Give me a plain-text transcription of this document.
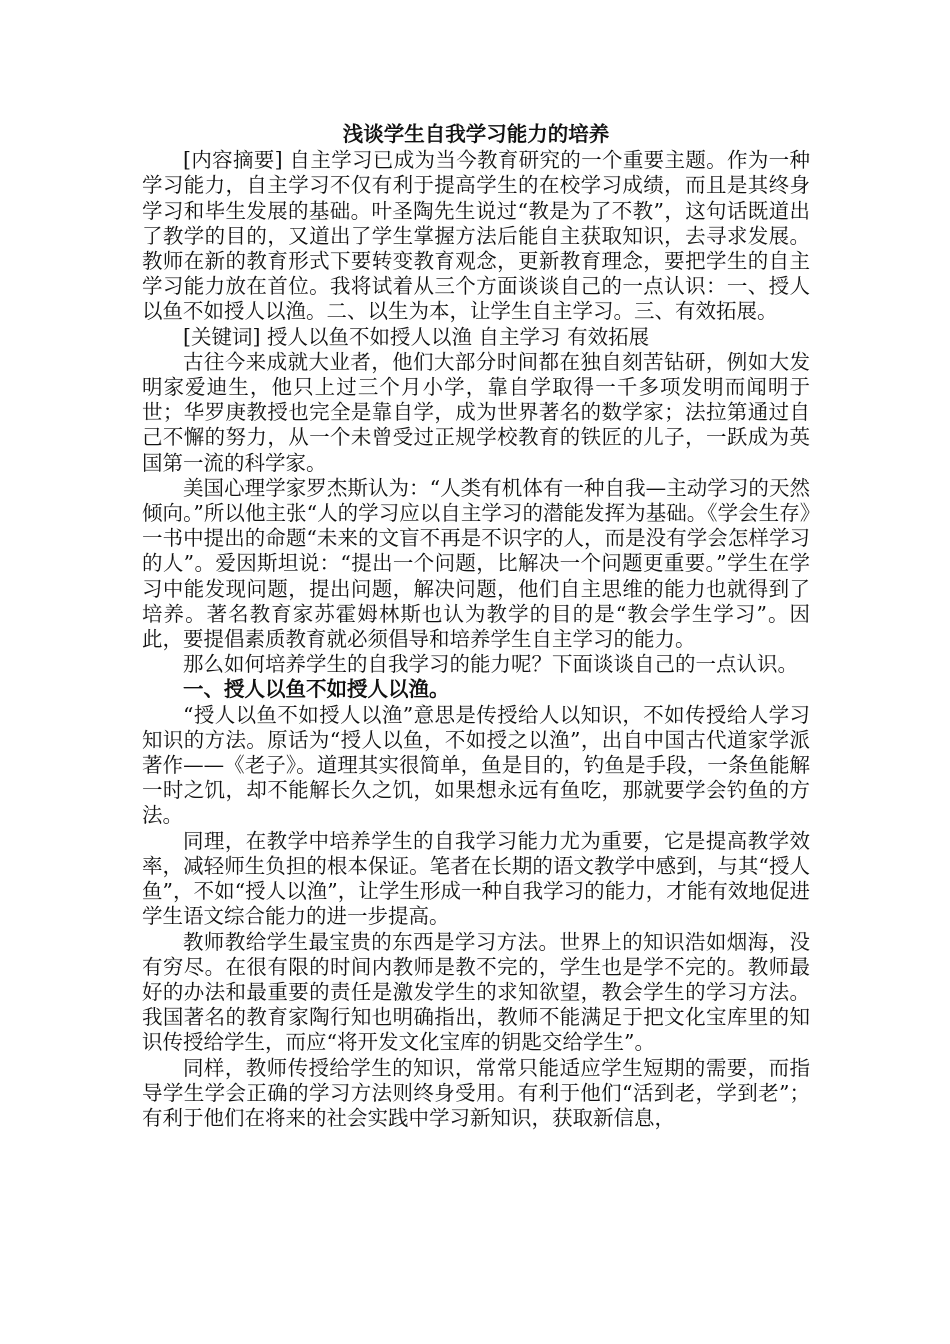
浅谈学生自我学习能力的培养

[内容摘要] 自主学习已成为当今教育研究的一个重要主题。作为一种学习能力，自主学习不仅有利于提高学生的在校学习成绩，而且是其终身学习和毕生发展的基础。叶圣陶先生说过“教是为了不教”，这句话既道出了教学的目的，又道出了学生掌握方法后能自主获取知识，去寻求发展。教师在新的教育形式下要转变教育观念，更新教育理念，要把学生的自主学习能力放在首位。我将试着从三个方面谈谈自己的一点认识：一、授人以鱼不如授人以渔。二、以生为本，让学生自主学习。三、有效拓展。

[关键词] 授人以鱼不如授人以渔 自主学习 有效拓展

古往今来成就大业者，他们大部分时间都在独自刻苦钻研，例如大发明家爱迪生，他只上过三个月小学，靠自学取得一千多项发明而闻明于世；华罗庚教授也完全是靠自学，成为世界著名的数学家；法拉第通过自己不懈的努力，从一个未曾受过正规学校教育的铁匠的儿子，一跃成为英国第一流的科学家。

美国心理学家罗杰斯认为：“人类有机体有一种自我—主动学习的天然倾向。”所以他主张“人的学习应以自主学习的潜能发挥为基础。《学会生存》一书中提出的命题“未来的文盲不再是不识字的人，而是没有学会怎样学习的人”。爱因斯坦说：“提出一个问题，比解决一个问题更重要。”学生在学习中能发现问题，提出问题，解决问题，他们自主思维的能力也就得到了培养。著名教育家苏霍姆林斯也认为教学的目的是“教会学生学习”。因此，要提倡素质教育就必须倡导和培养学生自主学习的能力。

那么如何培养学生的自我学习的能力呢？下面谈谈自己的一点认识。

一、授人以鱼不如授人以渔。

“授人以鱼不如授人以渔”意思是传授给人以知识，不如传授给人学习知识的方法。原话为“授人以鱼，不如授之以渔”，出自中国古代道家学派著作——《老子》。道理其实很简单，鱼是目的，钓鱼是手段，一条鱼能解一时之饥，却不能解长久之饥，如果想永远有鱼吃，那就要学会钓鱼的方法。

同理，在教学中培养学生的自我学习能力尤为重要，它是提高教学效率，减轻师生负担的根本保证。笔者在长期的语文教学中感到，与其“授人鱼”，不如“授人以渔”，让学生形成一种自我学习的能力，才能有效地促进学生语文综合能力的进一步提高。

教师教给学生最宝贵的东西是学习方法。世界上的知识浩如烟海，没有穷尽。在很有限的时间内教师是教不完的，学生也是学不完的。教师最好的办法和最重要的责任是激发学生的求知欲望，教会学生的学习方法。我国著名的教育家陶行知也明确指出，教师不能满足于把文化宝库里的知识传授给学生，而应“将开发文化宝库的钥匙交给学生”。

同样，教师传授给学生的知识，常常只能适应学生短期的需要，而指导学生学会正确的学习方法则终身受用。有利于他们“活到老，学到老”；有利于他们在将来的社会实践中学习新知识，获取新信息，
